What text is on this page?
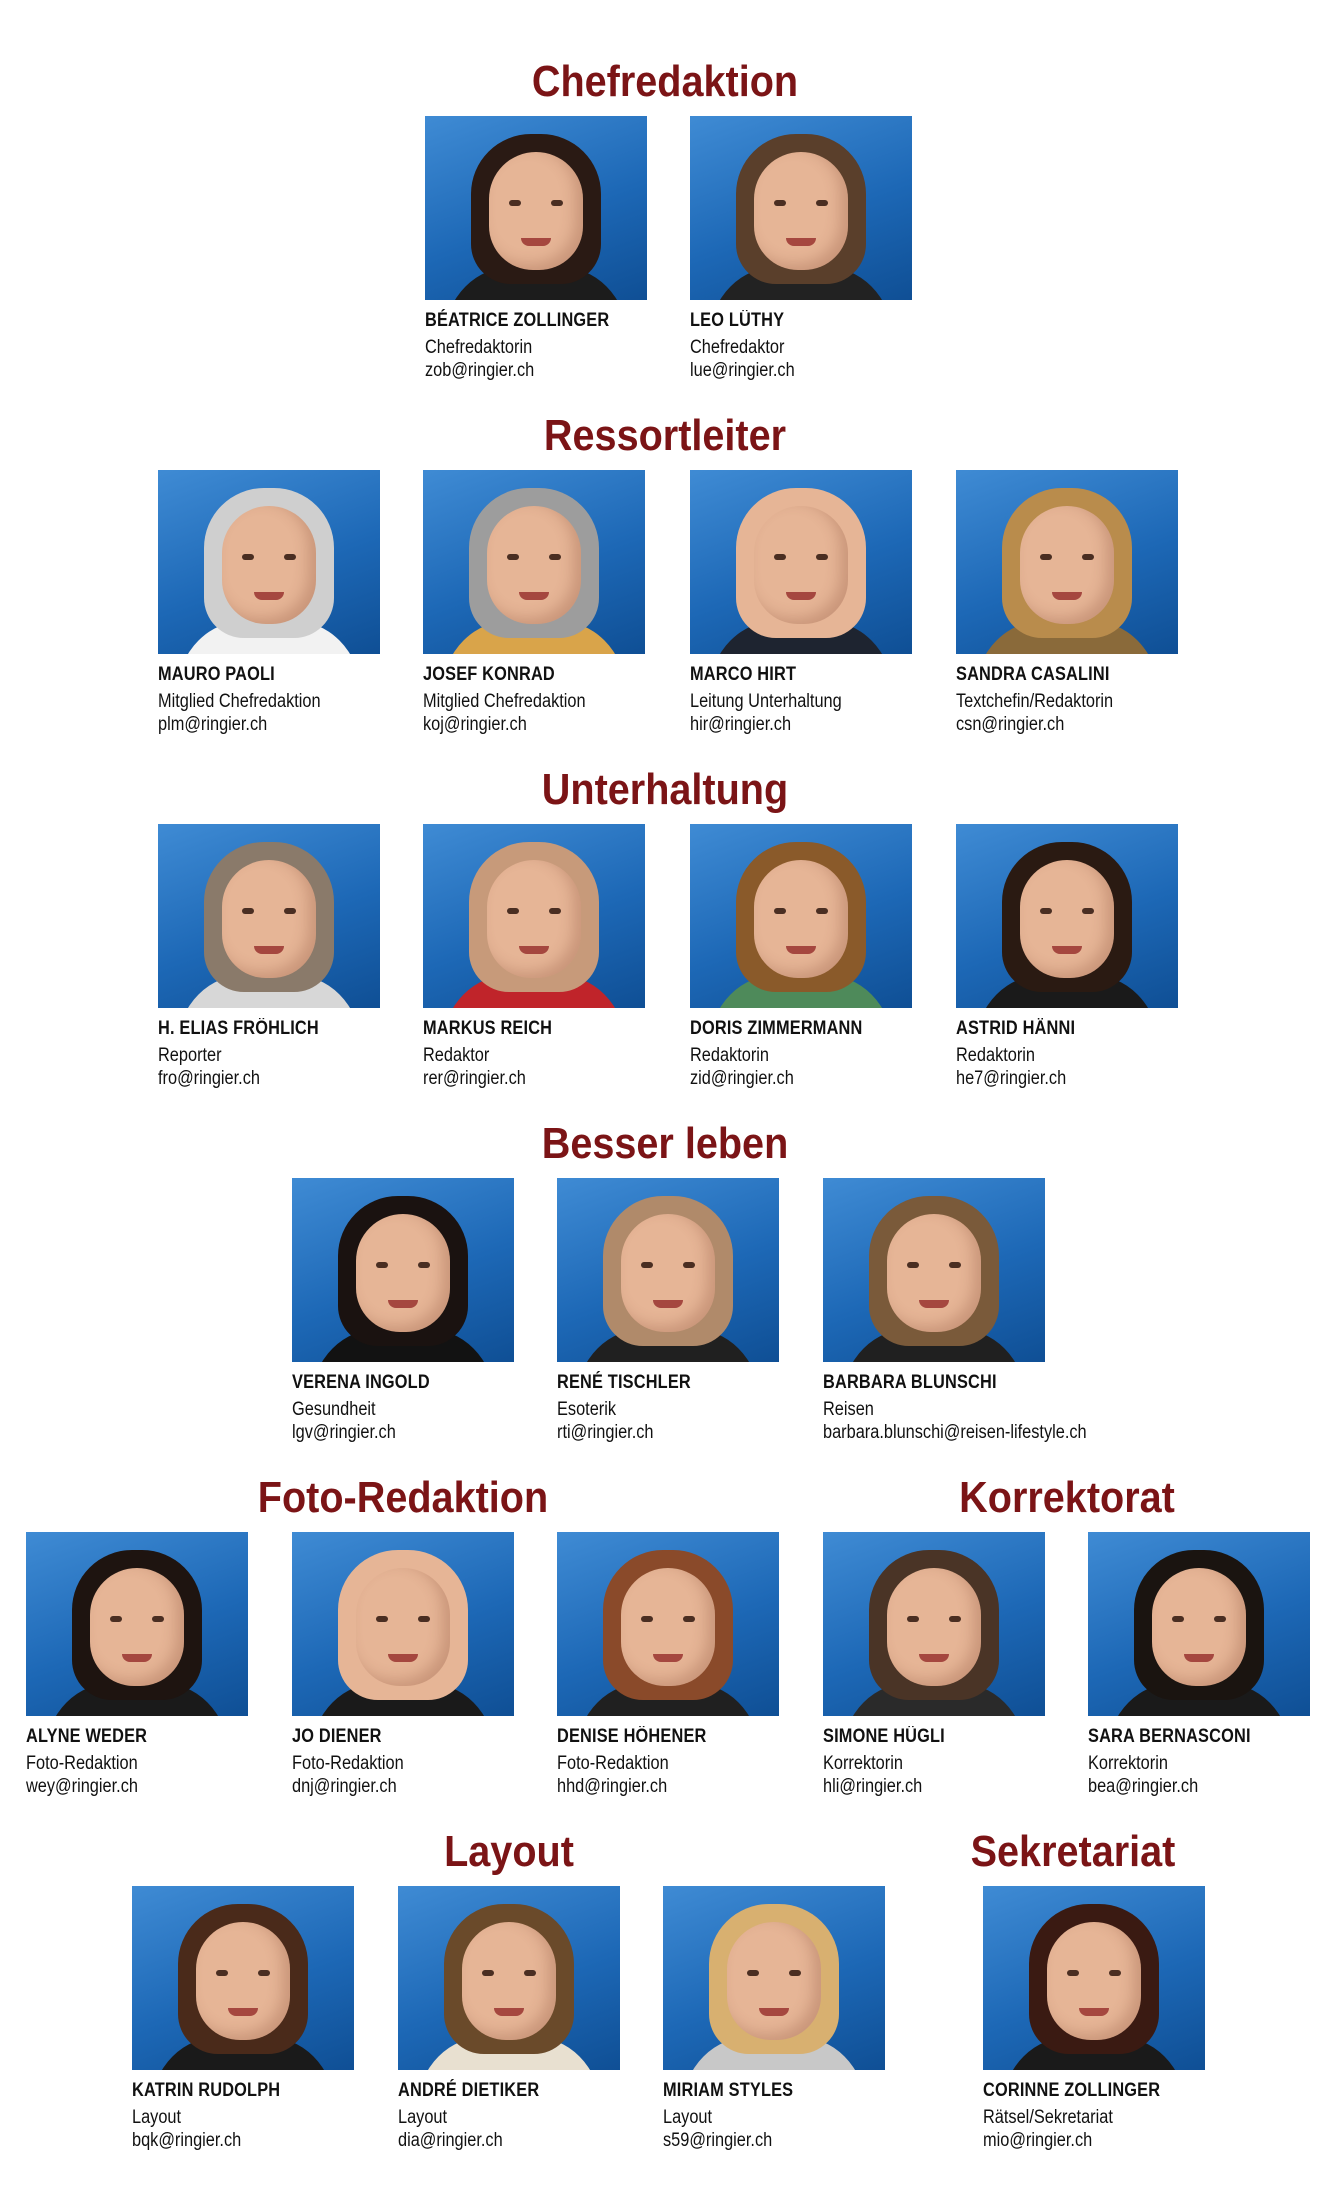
Chefredaktion
Ressortleiter
Unterhaltung
Besser leben
Foto-Redaktion	Korrektorat
Layout	Sekretariat
BÉATRICE ZOLLINGER
Chefredaktorin
zob@ringier.ch
LEO LÜTHY
Chefredaktor
lue@ringier.ch
MAURO PAOLI
Mitglied Chefredaktion
plm@ringier.ch
JOSEF KONRAD
Mitglied Chefredaktion
koj@ringier.ch
MARCO HIRT
Leitung Unterhaltung
hir@ringier.ch
SANDRA CASALINI
Textchefin/Redaktorin
csn@ringier.ch
H. ELIAS FRÖHLICH
Reporter
fro@ringier.ch
MARKUS REICH
Redaktor
rer@ringier.ch
DORIS ZIMMERMANN
Redaktorin
zid@ringier.ch
ASTRID HÄNNI
Redaktorin
he7@ringier.ch
VERENA INGOLD
Gesundheit
lgv@ringier.ch
RENÉ TISCHLER
Esoterik
rti@ringier.ch
BARBARA BLUNSCHI
Reisen
barbara.blunschi@reisen-lifestyle.ch
ALYNE WEDER
Foto-Redaktion
wey@ringier.ch
JO DIENER
Foto-Redaktion
dnj@ringier.ch
DENISE HÖHENER
Foto-Redaktion
hhd@ringier.ch
SIMONE HÜGLI
Korrektorin
hli@ringier.ch
SARA BERNASCONI
Korrektorin
bea@ringier.ch
KATRIN RUDOLPH
Layout
bqk@ringier.ch
ANDRÉ DIETIKER
Layout
dia@ringier.ch
MIRIAM STYLES
Layout
s59@ringier.ch
CORINNE ZOLLINGER
Rätsel/Sekretariat
mio@ringier.ch
